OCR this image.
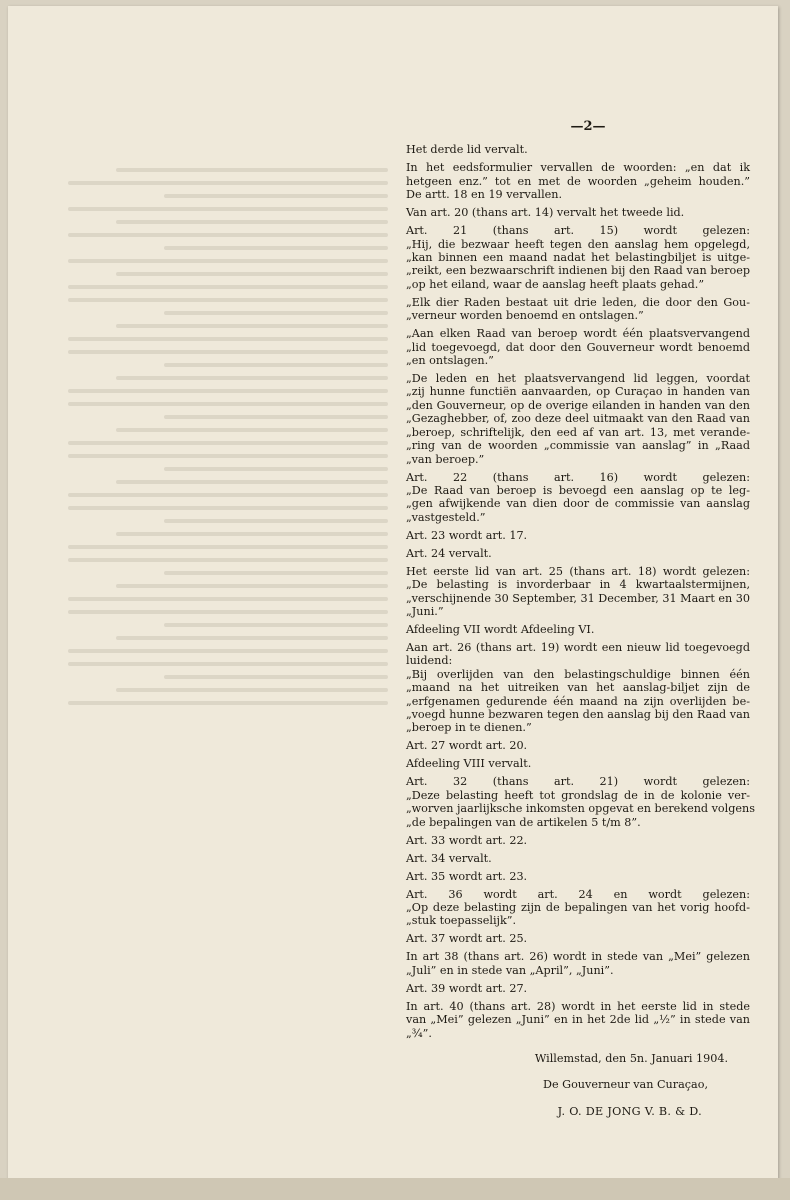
—2—
Het derde lid vervalt.
In het eedsformulier vervallen de woorden: „en dat ik
hetgeen enz.” tot en met de woorden „geheim houden.”
De artt. 18 en 19 vervallen.
Van art. 20 (thans art. 14) vervalt het tweede lid.
Art. 21 (thans art. 15) wordt gelezen:
„Hij, die bezwaar heeft tegen den aanslag hem opgelegd,
„kan binnen een maand nadat het belastingbiljet is uitge-
„reikt, een bezwaarschrift indienen bij den Raad van beroep
„op het eiland, waar de aanslag heeft plaats gehad.”
„Elk dier Raden bestaat uit drie leden, die door den Gou-
„verneur worden benoemd en ontslagen.”
„Aan elken Raad van beroep wordt één plaatsvervangend
„lid toegevoegd, dat door den Gouverneur wordt benoemd
„en ontslagen.”
„De leden en het plaatsvervangend lid leggen, voordat
„zij hunne functiën aanvaarden, op Curaçao in handen van
„den Gouverneur, op de overige eilanden in handen van den
„Gezaghebber, of, zoo deze deel uitmaakt van den Raad van
„beroep, schriftelijk, den eed af van art. 13, met verande-
„ring van de woorden „commissie van aanslag” in „Raad
„van beroep.”
Art. 22 (thans art. 16) wordt gelezen:
„De Raad van beroep is bevoegd een aanslag op te leg-
„gen afwijkende van dien door de commissie van aanslag
„vastgesteld.”
Art. 23 wordt art. 17.
Art. 24 vervalt.
Het eerste lid van art. 25 (thans art. 18) wordt gelezen:
„De belasting is invorderbaar in 4 kwartaalstermijnen,
„verschijnende 30 September, 31 December, 31 Maart en 30
„Juni.”
Afdeeling VII wordt Afdeeling VI.
Aan art. 26 (thans art. 19) wordt een nieuw lid toegevoegd
luidend:
„Bij overlijden van den belastingschuldige binnen één
„maand na het uitreiken van het aanslag-biljet zijn de
„erfgenamen gedurende één maand na zijn overlijden be-
„voegd hunne bezwaren tegen den aanslag bij den Raad van
„beroep in te dienen.”
Art. 27 wordt art. 20.
Afdeeling VIII vervalt.
Art. 32 (thans art. 21) wordt gelezen:
„Deze belasting heeft tot grondslag de in de kolonie ver-
„worven jaarlijksche inkomsten opgevat en berekend volgens
„de bepalingen van de artikelen 5 t/m 8”.
Art. 33 wordt art. 22.
Art. 34 vervalt.
Art. 35 wordt art. 23.
Art. 36 wordt art. 24 en wordt gelezen:
„Op deze belasting zijn de bepalingen van het vorig hoofd-
„stuk toepasselijk”.
Art. 37 wordt art. 25.
In art 38 (thans art. 26) wordt in stede van „Mei” gelezen
„Juli” en in stede van „April”, „Juni”.
Art. 39 wordt art. 27.
In art. 40 (thans art. 28) wordt in het eerste lid in stede
van „Mei” gelezen „Juni” en in het 2de lid „½” in stede van
„¾”.
Willemstad, den 5n. Januari 1904.
De Gouverneur van Curaçao,
J. O. DE JONG V. B. & D.
